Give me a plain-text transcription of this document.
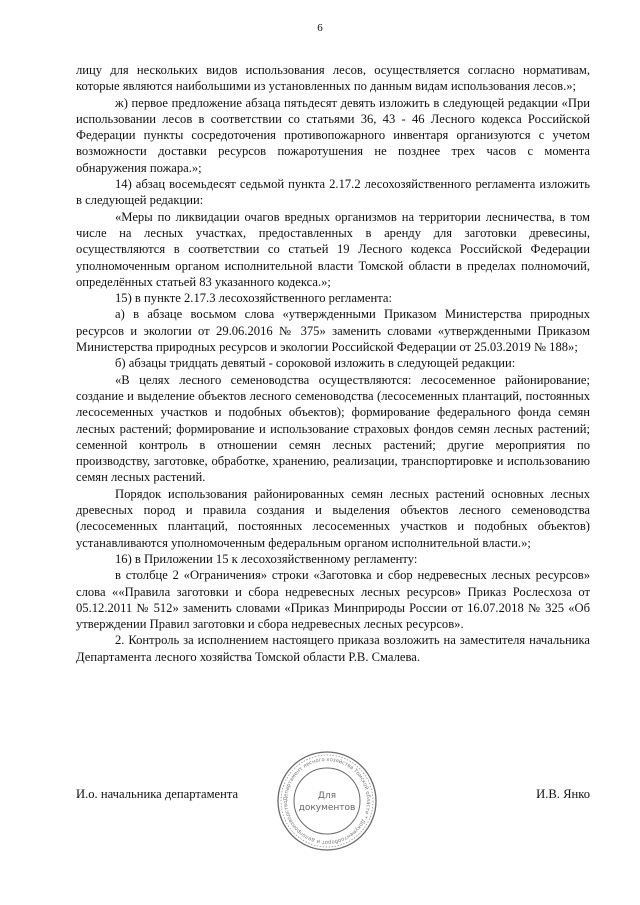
6

лицу для нескольких видов использования лесов, осуществляется согласно нормативам, которые являются наибольшими из установленных по данным видам использования лесов.»;

ж) первое предложение абзаца пятьдесят девять изложить в следующей редакции «При использовании лесов в соответствии со статьями 36, 43 - 46 Лесного кодекса Российской Федерации пункты сосредоточения противопожарного инвентаря организуются с учетом возможности доставки ресурсов пожаротушения не позднее трех часов с момента обнаружения пожара.»;

14) абзац восемьдесят седьмой пункта 2.17.2 лесохозяйственного регламента изложить в следующей редакции:

«Меры по ликвидации очагов вредных организмов на территории лесничества, в том числе на лесных участках, предоставленных в аренду для заготовки древесины, осуществляются в соответствии со статьей 19 Лесного кодекса Российской Федерации уполномоченным органом исполнительной власти Томской области в пределах полномочий, определённых статьей 83 указанного кодекса.»;

15) в пункте 2.17.3 лесохозяйственного регламента:

а) в абзаце восьмом слова «утвержденными Приказом Министерства природных ресурсов и экологии от 29.06.2016 № 375» заменить словами «утвержденными Приказом Министерства природных ресурсов и экологии Российской Федерации от 25.03.2019 № 188»;

б) абзацы тридцать девятый - сороковой изложить в следующей редакции:

«В целях лесного семеноводства осуществляются: лесосеменное районирование; создание и выделение объектов лесного семеноводства (лесосеменных плантаций, постоянных лесосеменных участков и подобных объектов); формирование федерального фонда семян лесных растений; формирование и использование страховых фондов семян лесных растений; семенной контроль в отношении семян лесных растений; другие мероприятия по производству, заготовке, обработке, хранению, реализации, транспортировке и использованию семян лесных растений.

Порядок использования районированных семян лесных растений основных лесных древесных пород и правила создания и выделения объектов лесного семеноводства (лесосеменных плантаций, постоянных лесосеменных участков и подобных объектов) устанавливаются уполномоченным федеральным органом исполнительной власти.»;

16) в Приложении 15 к лесохозяйственному регламенту:

в столбце 2 «Ограничения» строки «Заготовка и сбор недревесных лесных ресурсов» слова ««Правила заготовки и сбора недревесных лесных ресурсов» Приказ Рослесхоза от 05.12.2011 № 512» заменить словами «Приказ Минприроды России от 16.07.2018 № 325 «Об утверждении Правил заготовки и сбора недревесных лесных ресурсов».

2. Контроль за исполнением настоящего приказа возложить на заместителя начальника Департамента лесного хозяйства Томской области Р.В. Смалева.

И.о. начальника департамента	И.В. Янко
Департамент лесного хозяйства Томской области * Документооборот и делопроизводство
Для
документов
